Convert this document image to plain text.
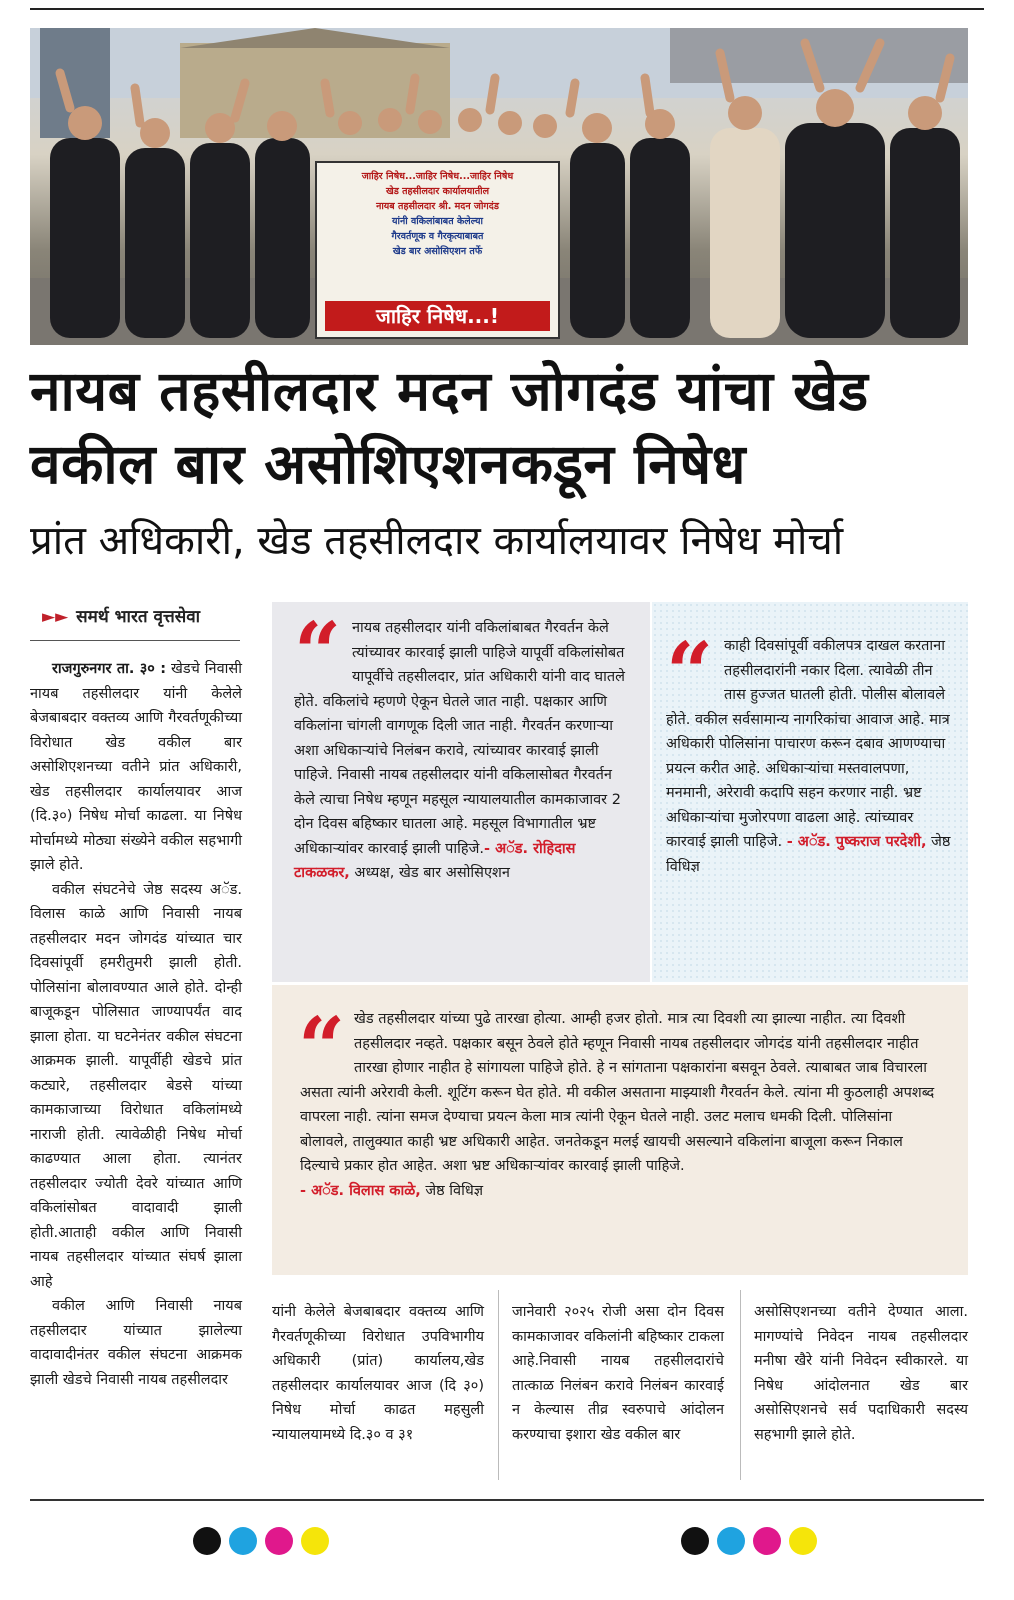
जाहिर निषेध...जाहिर निषेध...जाहिर निषेध
खेड तहसीलदार कार्यालयातील
नायब तहसीलदार श्री. मदन जोगदंड
यांनी वकिलांबाबत केलेल्या
गैरवर्तणूक व गैरकृत्याबाबत
खेड बार असोसिएशन तर्फे
जाहिर निषेध...!
नायब तहसीलदार मदन जोगदंड यांचा खेड
वकील बार असोशिएशनकडून निषेध
प्रांत अधिकारी, खेड तहसीलदार कार्यालयावर निषेध मोर्चा
►► समर्थ भारत वृत्तसेवा

राजगुरुनगर ता. ३० : खेडचे निवासी नायब तहसीलदार यांनी केलेले बेजबाबदार वक्तव्य आणि गैरवर्तणूकीच्या विरोधात खेड वकील बार असोशिएशनच्या वतीने प्रांत अधिकारी, खेड तहसीलदार कार्यालयावर आज (दि.३०) निषेध मोर्चा काढला. या निषेध मोर्चामध्ये मोठ्या संख्येने वकील सहभागी झाले होते.

वकील संघटनेचे जेष्ठ सदस्य अॅड. विलास काळे आणि निवासी नायब तहसीलदार मदन जोगदंड यांच्यात चार दिवसांपूर्वी हमरीतुमरी झाली होती. पोलिसांना बोलावण्यात आले होते. दोन्ही बाजूकडून पोलिसात जाण्यापर्यंत वाद झाला होता. या घटनेनंतर वकील संघटना आक्रमक झाली. यापूर्वीही खेडचे प्रांत कट्यारे, तहसीलदार बेडसे यांच्या कामकाजाच्या विरोधात वकिलांमध्ये नाराजी होती. त्यावेळीही निषेध मोर्चा काढण्यात आला होता. त्यानंतर तहसीलदार ज्योती देवरे यांच्यात आणि वकिलांसोबत वादावादी झाली होती.आताही वकील आणि निवासी नायब तहसीलदार यांच्यात संघर्ष झाला आहे

वकील आणि निवासी नायब तहसीलदार यांच्यात झालेल्या वादावादीनंतर वकील संघटना आक्रमक झाली खेडचे निवासी नायब तहसीलदार

“ नायब तहसीलदार यांनी वकिलांबाबत गैरवर्तन केले त्यांच्यावर कारवाई झाली पाहिजे यापूर्वी वकिलांसोबत यापूर्वीचे तहसीलदार, प्रांत अधिकारी यांनी वाद घातले होते. वकिलांचे म्हणणे ऐकून घेतले जात नाही. पक्षकार आणि वकिलांना चांगली वागणूक दिली जात नाही. गैरवर्तन करणाऱ्या अशा अधिकाऱ्यांचे निलंबन करावे, त्यांच्यावर कारवाई झाली पाहिजे. निवासी नायब तहसीलदार यांनी वकिलासोबत गैरवर्तन केले त्याचा निषेध म्हणून महसूल न्यायालयातील कामकाजावर 2 दोन दिवस बहिष्कार घातला आहे. महसूल विभागातील भ्रष्ट अधिकाऱ्यांवर कारवाई झाली पाहिजे.- अॅड. रोहिदास टाकळकर, अध्यक्ष, खेड बार असोसिएशन
“ काही दिवसांपूर्वी वकीलपत्र दाखल करताना तहसीलदारांनी नकार दिला. त्यावेळी तीन तास हुज्जत घातली होती. पोलीस बोलावले होते. वकील सर्वसामान्य नागरिकांचा आवाज आहे. मात्र अधिकारी पोलिसांना पाचारण करून दबाव आणण्याचा प्रयत्न करीत आहे. अधिकाऱ्यांचा मस्तवालपणा, मनमानी, अरेरावी कदापि सहन करणार नाही. भ्रष्ट अधिकाऱ्यांचा मुजोरपणा वाढला आहे. त्यांच्यावर कारवाई झाली पाहिजे. - अॅड. पुष्कराज परदेशी, जेष्ठ विधिज्ञ
“ खेड तहसीलदार यांच्या पुढे तारखा होत्या. आम्ही हजर होतो. मात्र त्या दिवशी त्या झाल्या नाहीत. त्या दिवशी तहसीलदार नव्हते. पक्षकार बसून ठेवले होते म्हणून निवासी नायब तहसीलदार जोगदंड यांनी तहसीलदार नाहीत तारखा होणार नाहीत हे सांगायला पाहिजे होते. हे न सांगताना पक्षकारांना बसवून ठेवले. त्याबाबत जाब विचारला असता त्यांनी अरेरावी केली. शूटिंग करून घेत होते. मी वकील असताना माझ्याशी गैरवर्तन केले. त्यांना मी कुठलाही अपशब्द वापरला नाही. त्यांना समज देण्याचा प्रयत्न केला मात्र त्यांनी ऐकून घेतले नाही. उलट मलाच धमकी दिली. पोलिसांना बोलावले, तालुक्यात काही भ्रष्ट अधिकारी आहेत. जनतेकडून मलई खायची असल्याने वकिलांना बाजूला करून निकाल दिल्याचे प्रकार होत आहेत. अशा भ्रष्ट अधिकाऱ्यांवर कारवाई झाली पाहिजे.
- अॅड. विलास काळे, जेष्ठ विधिज्ञ
यांनी केलेले बेजबाबदार वक्तव्य आणि गैरवर्तणूकीच्या विरोधात उपविभागीय अधिकारी (प्रांत) कार्यालय,खेड तहसीलदार कार्यालयावर आज (दि ३०) निषेध मोर्चा काढत महसुली न्यायालयामध्ये दि.३० व ३१
जानेवारी २०२५ रोजी असा दोन दिवस कामकाजावर वकिलांनी बहिष्कार टाकला आहे.निवासी नायब तहसीलदारांचे तात्काळ निलंबन करावे निलंबन कारवाई न केल्यास तीव्र स्वरुपाचे आंदोलन करण्याचा इशारा खेड वकील बार
असोसिएशनच्या वतीने देण्यात आला. मागण्यांचे निवेदन नायब तहसीलदार मनीषा खैरे यांनी निवेदन स्वीकारले. या निषेध आंदोलनात खेड बार असोसिएशनचे सर्व पदाधिकारी सदस्य सहभागी झाले होते.
